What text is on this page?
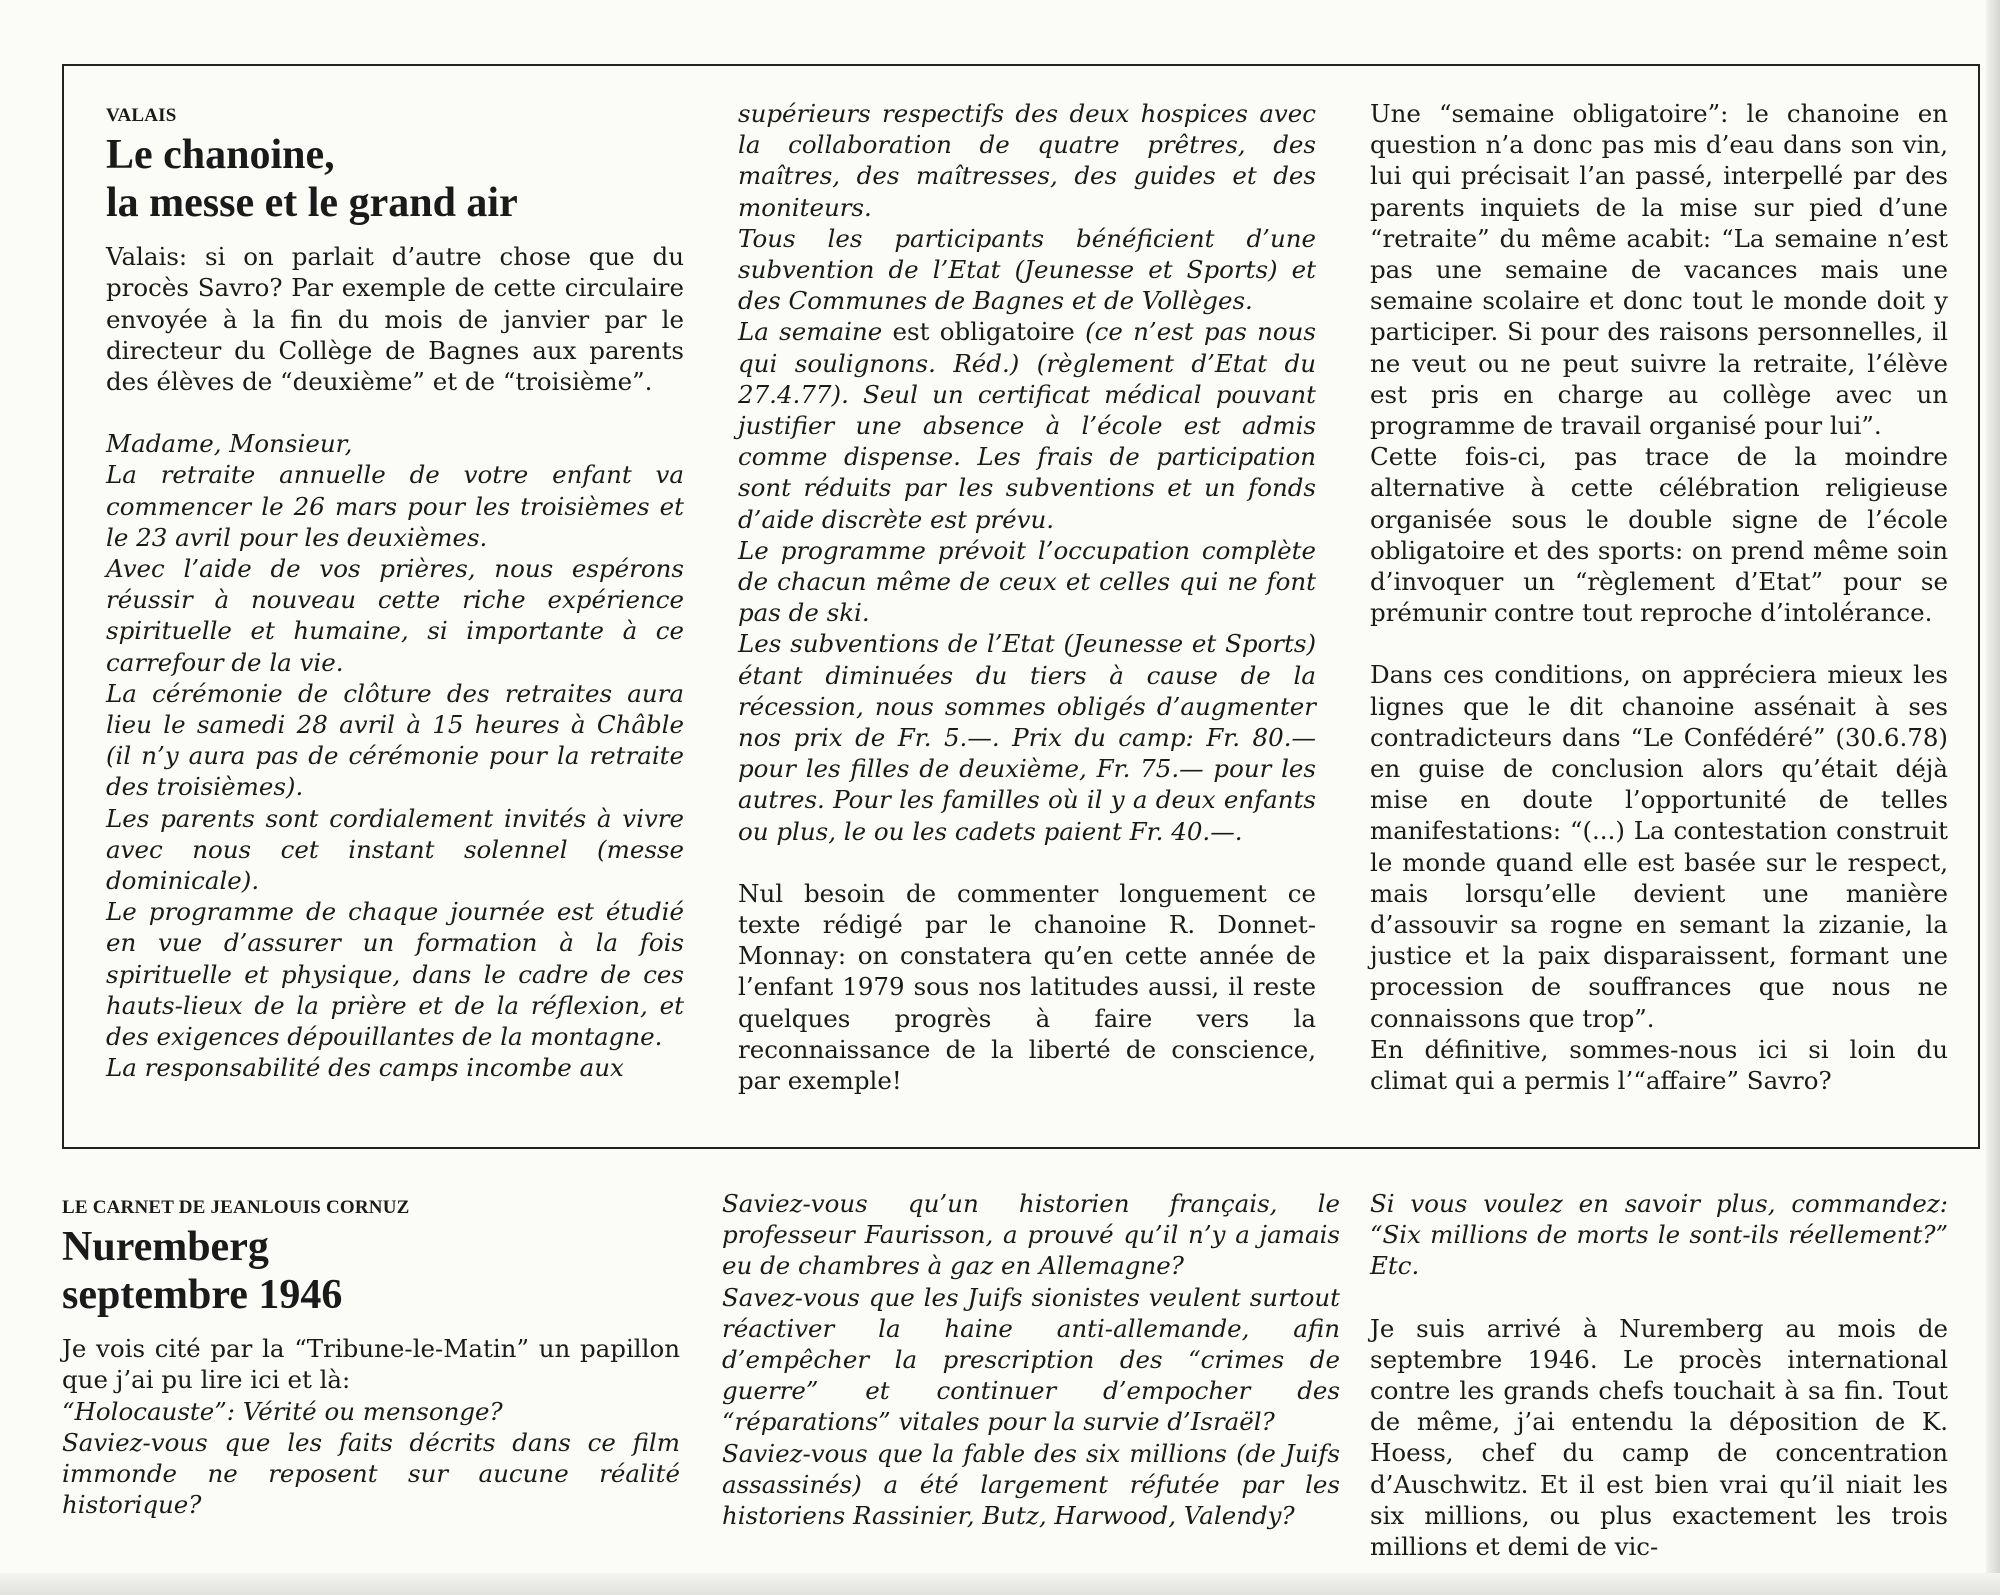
VALAIS

Le chanoine,
la messe et le grand air

Valais: si on parlait d’autre chose que du procès Savro? Par exemple de cette circulaire envoyée à la fin du mois de janvier par le directeur du Collège de Bagnes aux parents des élèves de “deuxième” et de “troisième”.

Madame, Monsieur,

La retraite annuelle de votre enfant va commencer le 26 mars pour les troisièmes et le 23 avril pour les deuxièmes.

Avec l’aide de vos prières, nous espérons réussir à nouveau cette riche expérience spirituelle et humaine, si importante à ce carrefour de la vie.

La cérémonie de clôture des retraites aura lieu le samedi 28 avril à 15 heures à Châble (il n’y aura pas de cérémonie pour la retraite des troisièmes).

Les parents sont cordialement invités à vivre avec nous cet instant solennel (messe dominicale).

Le programme de chaque journée est étudié en vue d’assurer un formation à la fois spirituelle et physique, dans le cadre de ces hauts-lieux de la prière et de la réflexion, et des exigences dépouillantes de la montagne.

La responsabilité des camps incombe aux

supérieurs respectifs des deux hospices avec la collaboration de quatre prêtres, des maîtres, des maîtresses, des guides et des moniteurs.

Tous les participants bénéficient d’une subvention de l’Etat (Jeunesse et Sports) et des Communes de Bagnes et de Vollèges.

La semaine est obligatoire (ce n’est pas nous qui soulignons. Réd.) (règlement d’Etat du 27.4.77). Seul un certificat médical pouvant justifier une absence à l’école est admis comme dispense. Les frais de participation sont réduits par les subventions et un fonds d’aide discrète est prévu.

Le programme prévoit l’occupation complète de chacun même de ceux et celles qui ne font pas de ski.

Les subventions de l’Etat (Jeunesse et Sports) étant diminuées du tiers à cause de la récession, nous sommes obligés d’augmenter nos prix de Fr. 5.—. Prix du camp: Fr. 80.— pour les filles de deuxième, Fr. 75.— pour les autres. Pour les familles où il y a deux enfants ou plus, le ou les cadets paient Fr. 40.—.

Nul besoin de commenter longuement ce texte rédigé par le chanoine R. Donnet-Monnay: on constatera qu’en cette année de l’enfant 1979 sous nos latitudes aussi, il reste quelques progrès à faire vers la reconnaissance de la liberté de conscience, par exemple!

Une “semaine obligatoire”: le chanoine en question n’a donc pas mis d’eau dans son vin, lui qui précisait l’an passé, interpellé par des parents inquiets de la mise sur pied d’une “retraite” du même acabit: “La semaine n’est pas une semaine de vacances mais une semaine scolaire et donc tout le monde doit y participer. Si pour des raisons personnelles, il ne veut ou ne peut suivre la retraite, l’élève est pris en charge au collège avec un programme de travail organisé pour lui”.

Cette fois-ci, pas trace de la moindre alternative à cette célébration religieuse organisée sous le double signe de l’école obligatoire et des sports: on prend même soin d’invoquer un “règlement d’Etat” pour se prémunir contre tout reproche d’intolérance.

Dans ces conditions, on appréciera mieux les lignes que le dit chanoine assénait à ses contradicteurs dans “Le Confédéré” (30.6.78) en guise de conclusion alors qu’était déjà mise en doute l’opportunité de telles manifestations: “(...) La contestation construit le monde quand elle est basée sur le respect, mais lorsqu’elle devient une manière d’assouvir sa rogne en semant la zizanie, la justice et la paix disparaissent, formant une procession de souffrances que nous ne connaissons que trop”.

En définitive, sommes-nous ici si loin du climat qui a permis l’“affaire” Savro?

LE CARNET DE JEANLOUIS CORNUZ

Nuremberg
septembre 1946

Je vois cité par la “Tribune-le-Matin” un papillon que j’ai pu lire ici et là:

“Holocauste”: Vérité ou mensonge?

Saviez-vous que les faits décrits dans ce film immonde ne reposent sur aucune réalité historique?

Saviez-vous qu’un historien français, le professeur Faurisson, a prouvé qu’il n’y a jamais eu de chambres à gaz en Allemagne?

Savez-vous que les Juifs sionistes veulent surtout réactiver la haine anti-allemande, afin d’empêcher la prescription des “crimes de guerre” et continuer d’empocher des “réparations” vitales pour la survie d’Israël?

Saviez-vous que la fable des six millions (de Juifs assassinés) a été largement réfutée par les historiens Rassinier, Butz, Harwood, Valendy?

Si vous voulez en savoir plus, commandez: “Six millions de morts le sont-ils réellement?” Etc.

Je suis arrivé à Nuremberg au mois de septembre 1946. Le procès international contre les grands chefs touchait à sa fin. Tout de même, j’ai entendu la déposition de K. Hoess, chef du camp de concentration d’Auschwitz. Et il est bien vrai qu’il niait les six millions, ou plus exactement les trois millions et demi de vic-
